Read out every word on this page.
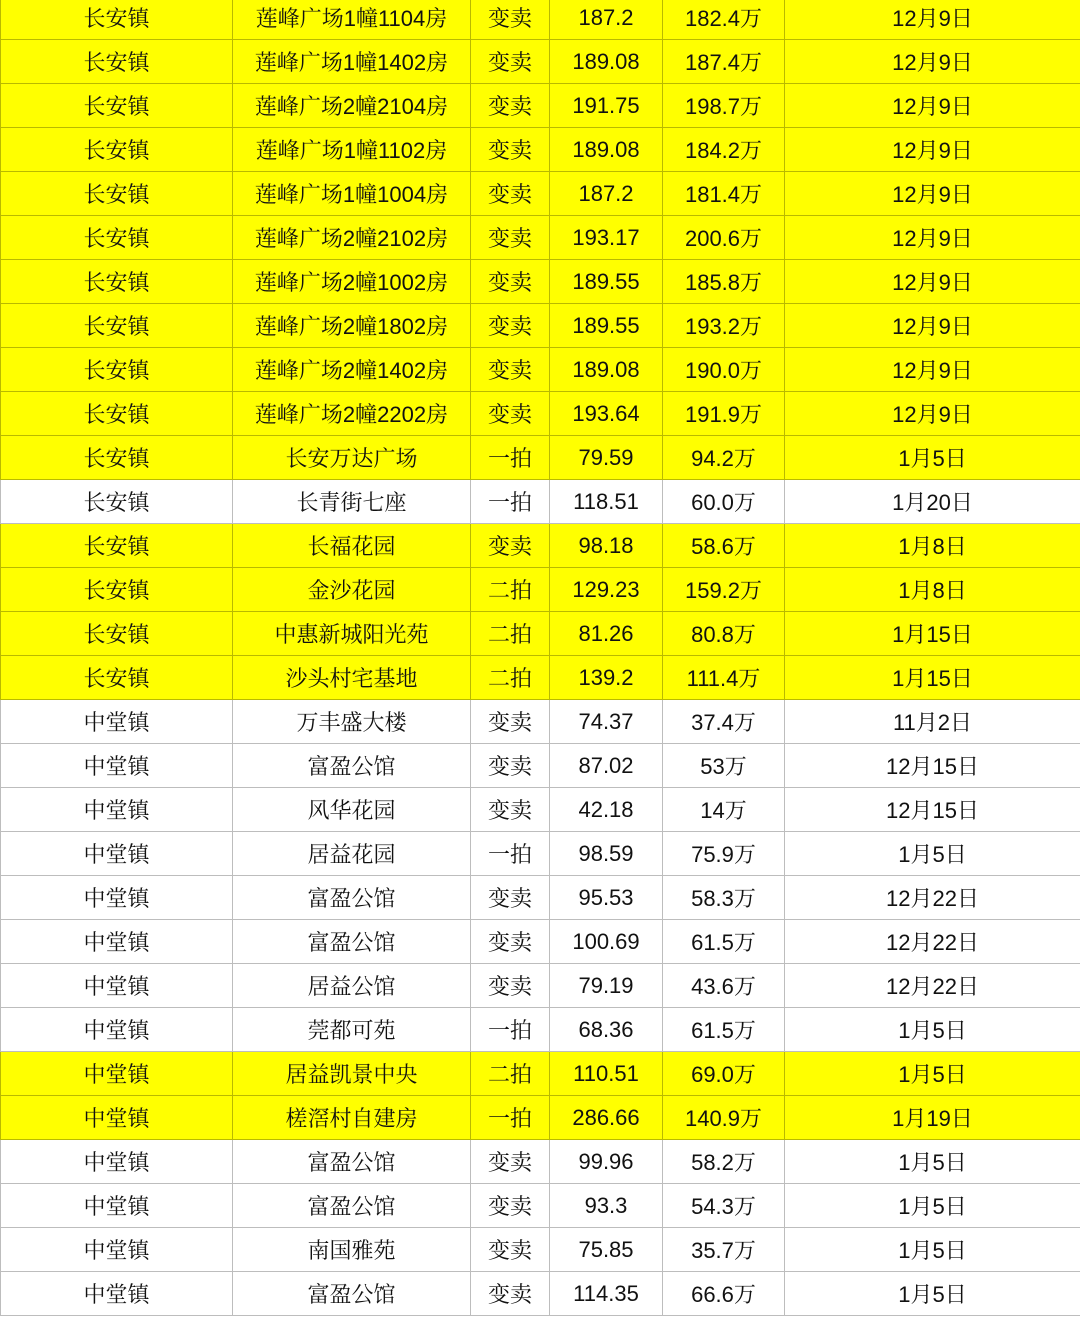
长安镇	莲峰广场1幢1104房	变卖	187.2	182.4万	12月9日
长安镇	莲峰广场1幢1402房	变卖	189.08	187.4万	12月9日
长安镇	莲峰广场2幢2104房	变卖	191.75	198.7万	12月9日
长安镇	莲峰广场1幢1102房	变卖	189.08	184.2万	12月9日
长安镇	莲峰广场1幢1004房	变卖	187.2	181.4万	12月9日
长安镇	莲峰广场2幢2102房	变卖	193.17	200.6万	12月9日
长安镇	莲峰广场2幢1002房	变卖	189.55	185.8万	12月9日
长安镇	莲峰广场2幢1802房	变卖	189.55	193.2万	12月9日
长安镇	莲峰广场2幢1402房	变卖	189.08	190.0万	12月9日
长安镇	莲峰广场2幢2202房	变卖	193.64	191.9万	12月9日
长安镇	长安万达广场	一拍	79.59	94.2万	1月5日
长安镇	长青街七座	一拍	118.51	60.0万	1月20日
长安镇	长福花园	变卖	98.18	58.6万	1月8日
长安镇	金沙花园	二拍	129.23	159.2万	1月8日
长安镇	中惠新城阳光苑	二拍	81.26	80.8万	1月15日
长安镇	沙头村宅基地	二拍	139.2	111.4万	1月15日
中堂镇	万丰盛大楼	变卖	74.37	37.4万	11月2日
中堂镇	富盈公馆	变卖	87.02	53万	12月15日
中堂镇	风华花园	变卖	42.18	14万	12月15日
中堂镇	居益花园	一拍	98.59	75.9万	1月5日
中堂镇	富盈公馆	变卖	95.53	58.3万	12月22日
中堂镇	富盈公馆	变卖	100.69	61.5万	12月22日
中堂镇	居益公馆	变卖	79.19	43.6万	12月22日
中堂镇	莞都可苑	一拍	68.36	61.5万	1月5日
中堂镇	居益凯景中央	二拍	110.51	69.0万	1月5日
中堂镇	槎滘村自建房	一拍	286.66	140.9万	1月19日
中堂镇	富盈公馆	变卖	99.96	58.2万	1月5日
中堂镇	富盈公馆	变卖	93.3	54.3万	1月5日
中堂镇	南国雅苑	变卖	75.85	35.7万	1月5日
中堂镇	富盈公馆	变卖	114.35	66.6万	1月5日
